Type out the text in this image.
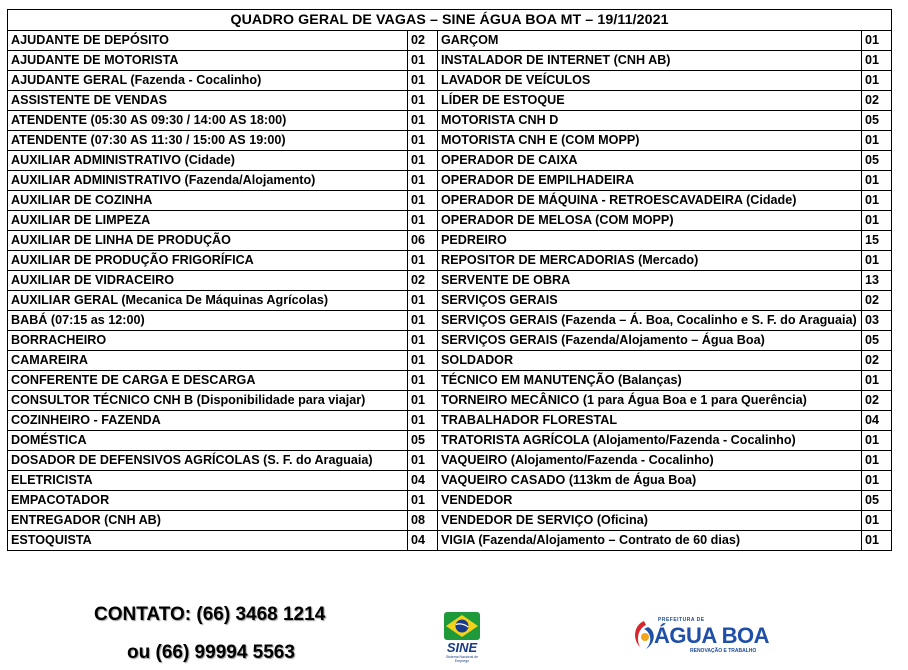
QUADRO GERAL DE VAGAS – SINE ÁGUA BOA MT – 19/11/2021			
AJUDANTE DE DEPÓSITO	02	GARÇOM	01
AJUDANTE DE MOTORISTA	01	INSTALADOR DE INTERNET (CNH AB)	01
AJUDANTE GERAL (Fazenda - Cocalinho)	01	LAVADOR DE VEÍCULOS	01
ASSISTENTE DE VENDAS	01	LÍDER DE ESTOQUE	02
ATENDENTE (05:30 AS 09:30 / 14:00 AS 18:00)	01	MOTORISTA CNH D	05
ATENDENTE (07:30 AS 11:30 / 15:00 AS 19:00)	01	MOTORISTA CNH E (COM MOPP)	01
AUXILIAR ADMINISTRATIVO (Cidade)	01	OPERADOR DE CAIXA	05
AUXILIAR ADMINISTRATIVO (Fazenda/Alojamento)	01	OPERADOR DE EMPILHADEIRA	01
AUXILIAR DE COZINHA	01	OPERADOR DE MÁQUINA - RETROESCAVADEIRA (Cidade)	01
AUXILIAR DE LIMPEZA	01	OPERADOR DE MELOSA (COM MOPP)	01
AUXILIAR DE LINHA DE PRODUÇÃO	06	PEDREIRO	15
AUXILIAR DE PRODUÇÃO FRIGORÍFICA	01	REPOSITOR DE MERCADORIAS (Mercado)	01
AUXILIAR DE VIDRACEIRO	02	SERVENTE DE OBRA	13
AUXILIAR GERAL (Mecanica De Máquinas Agrícolas)	01	SERVIÇOS GERAIS	02
BABÁ (07:15 as 12:00)	01	SERVIÇOS GERAIS (Fazenda – Á. Boa, Cocalinho e S. F. do Araguaia)	03
BORRACHEIRO	01	SERVIÇOS GERAIS (Fazenda/Alojamento – Água Boa)	05
CAMAREIRA	01	SOLDADOR	02
CONFERENTE DE CARGA E DESCARGA	01	TÉCNICO EM MANUTENÇÃO (Balanças)	01
CONSULTOR TÉCNICO CNH B (Disponibilidade para viajar)	01	TORNEIRO MECÂNICO (1 para Água Boa e 1 para Querência)	02
COZINHEIRO - FAZENDA	01	TRABALHADOR FLORESTAL	04
DOMÉSTICA	05	TRATORISTA AGRÍCOLA (Alojamento/Fazenda - Cocalinho)	01
DOSADOR DE DEFENSIVOS AGRÍCOLAS (S. F. do Araguaia)	01	VAQUEIRO (Alojamento/Fazenda - Cocalinho)	01
ELETRICISTA	04	VAQUEIRO CASADO (113km de Água Boa)	01
EMPACOTADOR	01	VENDEDOR	05
ENTREGADOR (CNH AB)	08	VENDEDOR DE SERVIÇO (Oficina)	01
ESTOQUISTA	04	VIGIA (Fazenda/Alojamento – Contrato de 60 dias)	01
CONTATO: (66) 3468 1214
ou (66) 99994 5563	SINE
Sistema Nacional de Emprego
PREFEITURA DE
ÁGUA BOA
RENOVAÇÃO E TRABALHO
